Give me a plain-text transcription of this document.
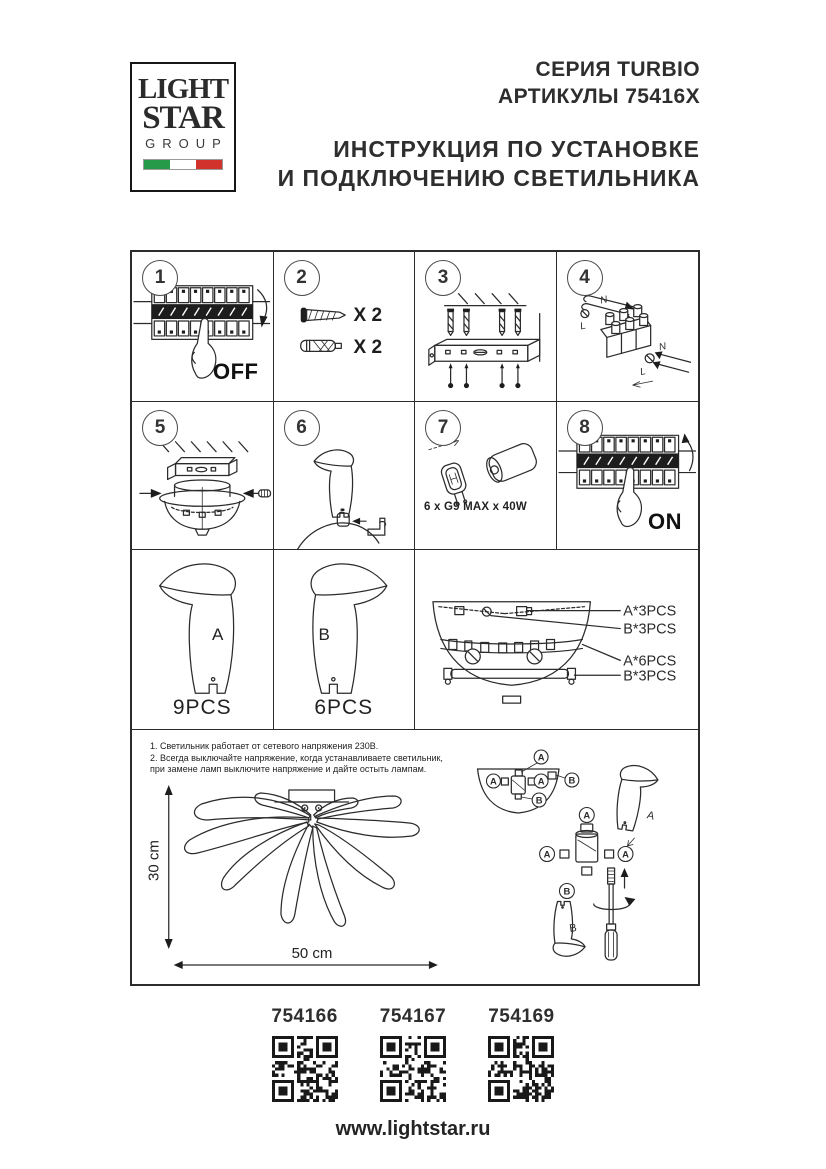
LIGHT
STAR
GROUP
СЕРИЯ TURBIO
АРТИКУЛЫ 75416X
ИНСТРУКЦИЯ ПО УСТАНОВКЕ
И ПОДКЛЮЧЕНИЮ СВЕТИЛЬНИКА
1
OFF
2
X 2
X 2
3	4
N
L
N
L
5	6	7
6 x G9 MAX x 40W
8
ON
A
9PCS
B
6PCS
A*3PCS
B*3PCS
A*6PCS
B*3PCS
1. Светильник работает от сетевого напряжения 230В.
2. Всегда выключайте напряжение, когда устанавливаете светильник,
при замене ламп выключите напряжение и дайте остыть лампам.
30 cm
50 cm
A
B
A	A
B
A
A	A
B
A
B
754166 754167 754169
www.lightstar.ru
